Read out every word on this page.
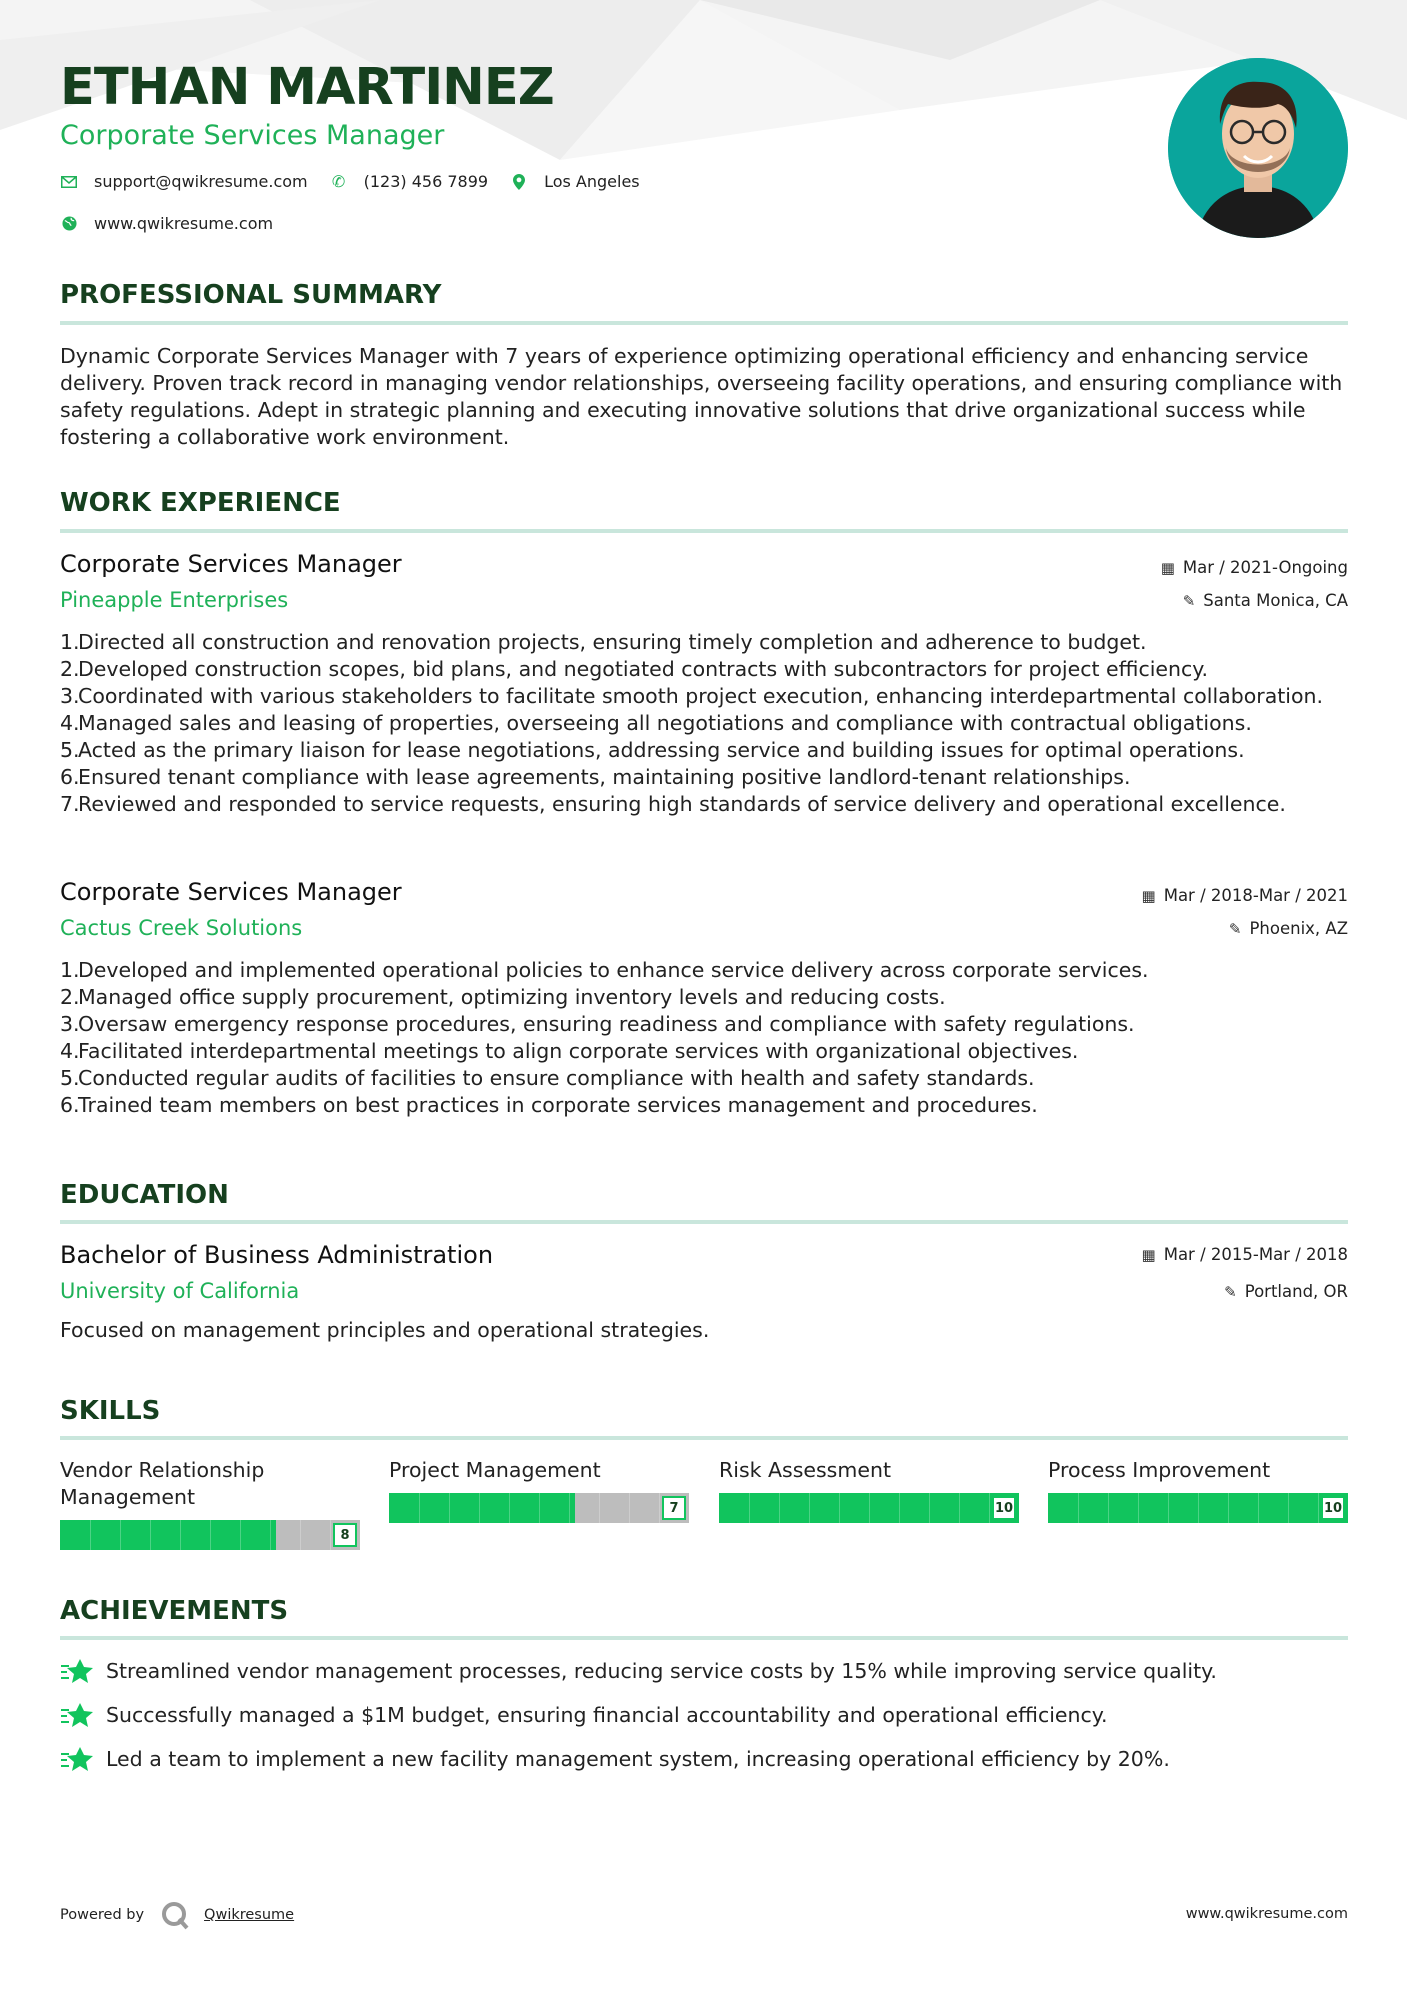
ETHAN MARTINEZ
Corporate Services Manager
support@qwikresume.com ✆ (123) 456 7899	Los Angeles
www.qwikresume.com
PROFESSIONAL SUMMARY

Dynamic Corporate Services Manager with 7 years of experience optimizing operational efficiency and enhancing service delivery. Proven track record in managing vendor relationships, overseeing facility operations, and ensuring compliance with safety regulations. Adept in strategic planning and executing innovative solutions that drive organizational success while fostering a collaborative work environment.

WORK EXPERIENCE
Corporate Services Manager	▦ Mar / 2021-Ongoing
Pineapple Enterprises	✎ Santa Monica, CA
1.
Directed all construction and renovation projects, ensuring timely completion and adherence to budget.
2.
Developed construction scopes, bid plans, and negotiated contracts with subcontractors for project efficiency.
3.
Coordinated with various stakeholders to facilitate smooth project execution, enhancing interdepartmental collaboration.
4.
Managed sales and leasing of properties, overseeing all negotiations and compliance with contractual obligations.
5.
Acted as the primary liaison for lease negotiations, addressing service and building issues for optimal operations.
6.
Ensured tenant compliance with lease agreements, maintaining positive landlord-tenant relationships.
7.
Reviewed and responded to service requests, ensuring high standards of service delivery and operational excellence.
Corporate Services Manager	▦ Mar / 2018-Mar / 2021
Cactus Creek Solutions	✎ Phoenix, AZ
1.
Developed and implemented operational policies to enhance service delivery across corporate services.
2.
Managed office supply procurement, optimizing inventory levels and reducing costs.
3.
Oversaw emergency response procedures, ensuring readiness and compliance with safety regulations.
4.
Facilitated interdepartmental meetings to align corporate services with organizational objectives.
5.
Conducted regular audits of facilities to ensure compliance with health and safety standards.
6.
Trained team members on best practices in corporate services management and procedures.
EDUCATION
Bachelor of Business Administration	▦ Mar / 2015-Mar / 2018
University of California	✎ Portland, OR

Focused on management principles and operational strategies.

SKILLS
Vendor Relationship Management
8
Project Management
7
Risk Assessment
10
Process Improvement
10
ACHIEVEMENTS
Streamlined vendor management processes, reducing service costs by 15% while improving service quality.
Successfully managed a $1M budget, ensuring financial accountability and operational efficiency.
Led a team to implement a new facility management system, increasing operational efficiency by 20%.
Powered by	Qwikresume	www.qwikresume.com
